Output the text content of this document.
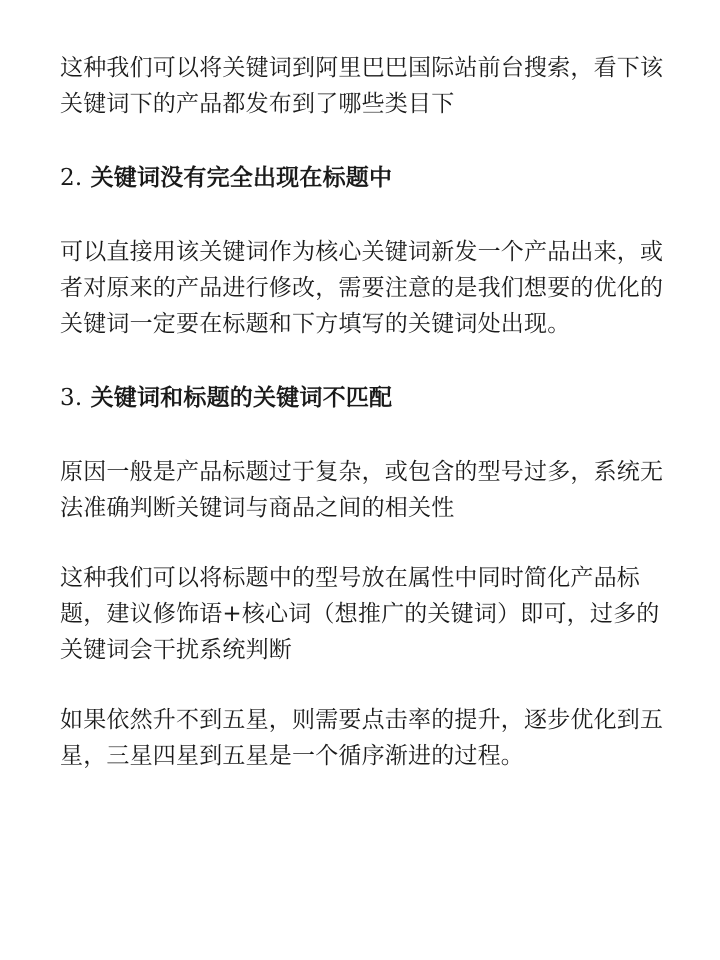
这种我们可以将关键词到阿里巴巴国际站前台搜索，看下该关键词下的产品都发布到了哪些类目下

2. 关键词没有完全出现在标题中

可以直接用该关键词作为核心关键词新发一个产品出来，或者对原来的产品进行修改，需要注意的是我们想要的优化的关键词一定要在标题和下方填写的关键词处出现。

3. 关键词和标题的关键词不匹配

原因一般是产品标题过于复杂，或包含的型号过多，系统无法准确判断关键词与商品之间的相关性

这种我们可以将标题中的型号放在属性中同时简化产品标题，建议修饰语+核心词（想推广的关键词）即可，过多的关键词会干扰系统判断

如果依然升不到五星，则需要点击率的提升，逐步优化到五星，三星四星到五星是一个循序渐进的过程。
